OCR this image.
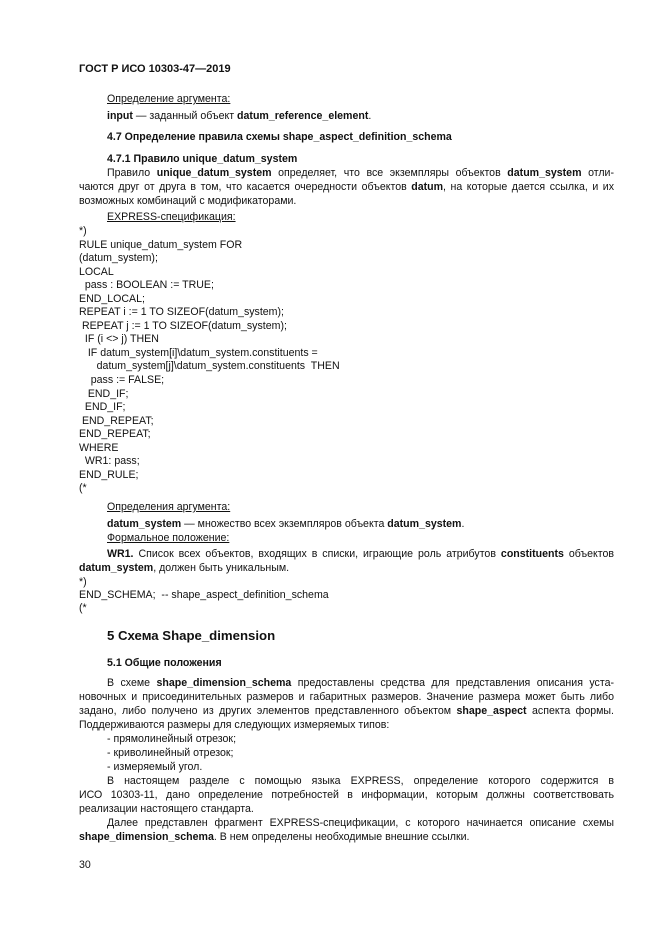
ГОСТ Р ИСО 10303-47—2019
Определение аргумента:
input — заданный объект datum_reference_element.
4.7 Определение правила схемы shape_aspect_definition_schema
4.7.1 Правило unique_datum_system
Правило unique_datum_system определяет, что все экземпляры объектов datum_system отли-
чаются друг от друга в том, что касается очередности объектов datum, на которые дается ссылка, и их
возможных комбинаций с модификаторами.
EXPRESS-спецификация:
*)
RULE unique_datum_system FOR
(datum_system);
LOCAL
pass : BOOLEAN := TRUE;
END_LOCAL;
REPEAT i := 1 TO SIZEOF(datum_system);
REPEAT j := 1 TO SIZEOF(datum_system);
IF (i <> j) THEN
IF datum_system[i]\datum_system.constituents =
datum_system[j]\datum_system.constituents  THEN
pass := FALSE;
END_IF;
END_IF;
END_REPEAT;
END_REPEAT;
WHERE
WR1: pass;
END_RULE;
(*
Определения аргумента:
datum_system — множество всех экземпляров объекта datum_system.
Формальное положение:
WR1. Список всех объектов, входящих в списки, играющие роль атрибутов constituents объектов
datum_system, должен быть уникальным.
*)
END_SCHEMA;  -- shape_aspect_definition_schema
(*
5 Схема Shape_dimension
5.1 Общие положения
В схеме shape_dimension_schema предоставлены средства для представления описания уста-
новочных и присоединительных размеров и габаритных размеров. Значение размера может быть либо
задано, либо получено из других элементов представленного объектом shape_aspect аспекта формы.
Поддерживаются размеры для следующих измеряемых типов:
- прямолинейный отрезок;
- криволинейный отрезок;
- измеряемый угол.
В настоящем разделе с помощью языка EXPRESS, определение которого содержится в
ИСО 10303-11, дано определение потребностей в информации, которым должны соответствовать
реализации настоящего стандарта.
Далее представлен фрагмент EXPRESS-спецификации, с которого начинается описание схемы
shape_dimension_schema. В нем определены необходимые внешние ссылки.
30
